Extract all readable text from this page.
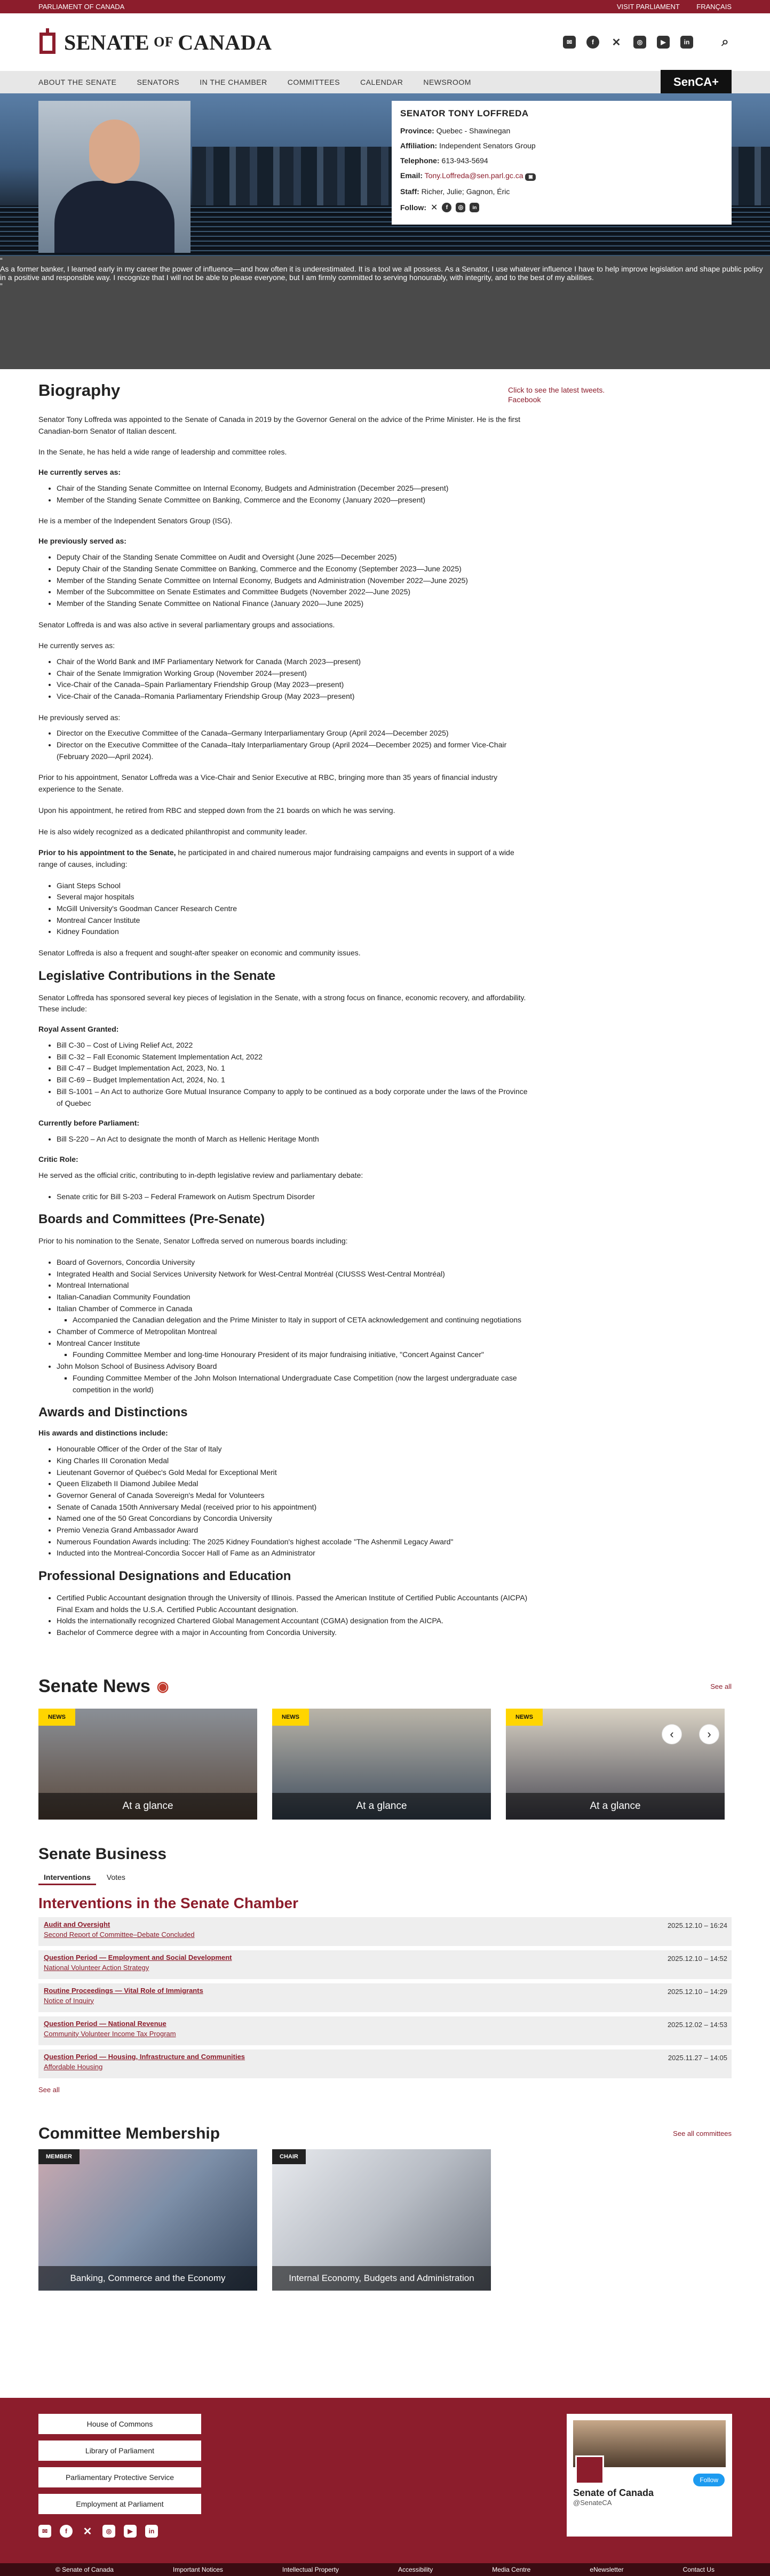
PARLIAMENT OF CANADA	VISIT PARLIAMENT FRANÇAIS
SENATE OF CANADA	✉	f	✕	◎	▶	in ⌕
ABOUT THE SENATE	SENATORS	IN THE CHAMBER	COMMITTEES	CALENDAR	NEWSROOM	SenCA+
SENATOR TONY LOFFREDA
Province: Quebec - Shawinegan
Affiliation: Independent Senators Group
Telephone: 613-943-5694
Email: Tony.Loffreda@sen.parl.gc.ca ▣
Staff: Richer, Julie; Gagnon, Éric
Follow: ✕	f	◎	in
“
As a former banker, I learned early in my career the power of influence—and how often it is underestimated. It is a tool we all possess. As a Senator, I use whatever influence I have to help improve legislation and shape public policy in a positive and responsible way. I recognize that I will not be able to please everyone, but I am firmly committed to serving honourably, with integrity, and to the best of my abilities.
”
Click to see the latest tweets.
Facebook
Biography

Senator Tony Loffreda was appointed to the Senate of Canada in 2019 by the Governor General on the advice of the Prime Minister. He is the first Canadian-born Senator of Italian descent.

In the Senate, he has held a wide range of leadership and committee roles.

He currently serves as:
• Chair of the Standing Senate Committee on Internal Economy, Budgets and Administration (December 2025—present)
• Member of the Standing Senate Committee on Banking, Commerce and the Economy (January 2020—present)

He is a member of the Independent Senators Group (ISG).

He previously served as:
• Deputy Chair of the Standing Senate Committee on Audit and Oversight (June 2025—December 2025)
• Deputy Chair of the Standing Senate Committee on Banking, Commerce and the Economy (September 2023—June 2025)
• Member of the Standing Senate Committee on Internal Economy, Budgets and Administration (November 2022—June 2025)
• Member of the Subcommittee on Senate Estimates and Committee Budgets (November 2022—June 2025)
• Member of the Standing Senate Committee on National Finance (January 2020—June 2025)

Senator Loffreda is and was also active in several parliamentary groups and associations.

He currently serves as:

• Chair of the World Bank and IMF Parliamentary Network for Canada (March 2023—present)
• Chair of the Senate Immigration Working Group (November 2024—present)
• Vice-Chair of the Canada–Spain Parliamentary Friendship Group (May 2023—present)
• Vice-Chair of the Canada–Romania Parliamentary Friendship Group (May 2023—present)

He previously served as:

• Director on the Executive Committee of the Canada–Germany Interparliamentary Group (April 2024—December 2025)
• Director on the Executive Committee of the Canada–Italy Interparliamentary Group (April 2024—December 2025) and former Vice-Chair (February 2020—April 2024).

Prior to his appointment, Senator Loffreda was a Vice-Chair and Senior Executive at RBC, bringing more than 35 years of financial industry experience to the Senate.

Upon his appointment, he retired from RBC and stepped down from the 21 boards on which he was serving.

He is also widely recognized as a dedicated philanthropist and community leader.

Prior to his appointment to the Senate, he participated in and chaired numerous major fundraising campaigns and events in support of a wide range of causes, including:

• Giant Steps School
• Several major hospitals
• McGill University's Goodman Cancer Research Centre
• Montreal Cancer Institute
• Kidney Foundation

Senator Loffreda is also a frequent and sought-after speaker on economic and community issues.

Legislative Contributions in the Senate

Senator Loffreda has sponsored several key pieces of legislation in the Senate, with a strong focus on finance, economic recovery, and affordability. These include:

Royal Assent Granted:
• Bill C-30 – Cost of Living Relief Act, 2022
• Bill C-32 – Fall Economic Statement Implementation Act, 2022
• Bill C-47 – Budget Implementation Act, 2023, No. 1
• Bill C-69 – Budget Implementation Act, 2024, No. 1
• Bill S-1001 – An Act to authorize Gore Mutual Insurance Company to apply to be continued as a body corporate under the laws of the Province of Quebec
Currently before Parliament:
• Bill S-220 – An Act to designate the month of March as Hellenic Heritage Month
Critic Role:

He served as the official critic, contributing to in-depth legislative review and parliamentary debate:

• Senate critic for Bill S-203 – Federal Framework on Autism Spectrum Disorder
Boards and Committees (Pre-Senate)

Prior to his nomination to the Senate, Senator Loffreda served on numerous boards including:

• Board of Governors, Concordia University
• Integrated Health and Social Services University Network for West-Central Montréal (CIUSSS West-Central Montréal)
• Montreal International
• Italian-Canadian Community Foundation
• Italian Chamber of Commerce in Canada
▪ Accompanied the Canadian delegation and the Prime Minister to Italy in support of CETA acknowledgement and continuing negotiations
• Chamber of Commerce of Metropolitan Montreal
• Montreal Cancer Institute
▪ Founding Committee Member and long-time Honourary President of its major fundraising initiative, "Concert Against Cancer"
• John Molson School of Business Advisory Board
▪ Founding Committee Member of the John Molson International Undergraduate Case Competition (now the largest undergraduate case competition in the world)
Awards and Distinctions
His awards and distinctions include:
• Honourable Officer of the Order of the Star of Italy
• King Charles III Coronation Medal
• Lieutenant Governor of Québec's Gold Medal for Exceptional Merit
• Queen Elizabeth II Diamond Jubilee Medal
• Governor General of Canada Sovereign's Medal for Volunteers
• Senate of Canada 150th Anniversary Medal (received prior to his appointment)
• Named one of the 50 Great Concordians by Concordia University
• Premio Venezia Grand Ambassador Award
• Numerous Foundation Awards including: The 2025 Kidney Foundation's highest accolade "The Ashenmil Legacy Award"
• Inducted into the Montreal-Concordia Soccer Hall of Fame as an Administrator
Professional Designations and Education
• Certified Public Accountant designation through the University of Illinois. Passed the American Institute of Certified Public Accountants (AICPA) Final Exam and holds the U.S.A. Certified Public Accountant designation.
• Holds the internationally recognized Chartered Global Management Accountant (CGMA) designation from the AICPA.
• Bachelor of Commerce degree with a major in Accounting from Concordia University.
Senate News ◉	See all
NEWS
At a glance
NEWS
At a glance
NEWS
At a glance
‹	›
Senate Business
Interventions	Votes
Interventions in the Senate Chamber
Audit and Oversight
Second Report of Committee–Debate Concluded
2025.12.10 – 16:24
Question Period — Employment and Social Development
National Volunteer Action Strategy
2025.12.10 – 14:52
Routine Proceedings — Vital Role of Immigrants
Notice of Inquiry
2025.12.10 – 14:29
Question Period — National Revenue
Community Volunteer Income Tax Program
2025.12.02 – 14:53
Question Period — Housing, Infrastructure and Communities
Affordable Housing
2025.11.27 – 14:05
See all
Committee Membership	See all committees
MEMBER
Banking, Commerce and the Economy
CHAIR
Internal Economy, Budgets and Administration
House of Commons
Library of Parliament
Parliamentary Protective Service
Employment at Parliament
✉	f	✕	◎	▶	in
Follow
Senate of Canada
@SenateCA
© Senate of Canada	Important Notices	Intellectual Property	Accessibility	Media Centre	eNewsletter	Contact Us
